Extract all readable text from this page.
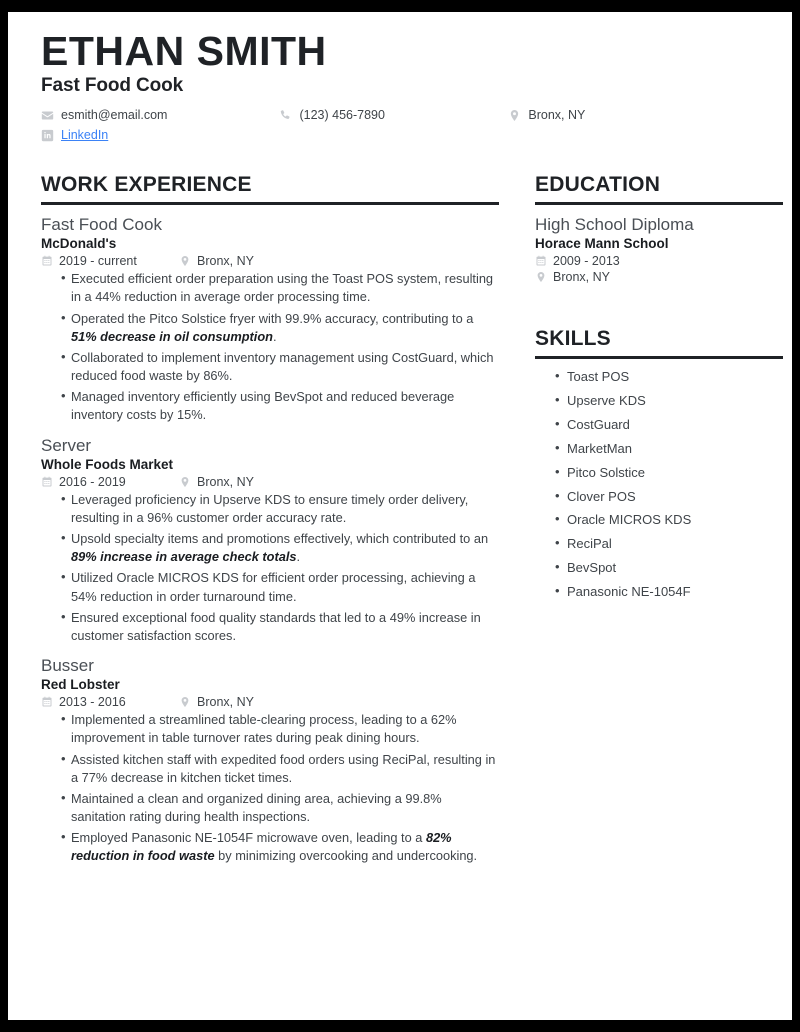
ETHAN SMITH
Fast Food Cook
esmith@email.com	(123) 456-7890	Bronx, NY
LinkedIn
WORK EXPERIENCE
Fast Food Cook
McDonald's
2019 - current	Bronx, NY
• Executed efficient order preparation using the Toast POS system, resulting in a 44% reduction in average order processing time.
• Operated the Pitco Solstice fryer with 99.9% accuracy, contributing to a 51% decrease in oil consumption.
• Collaborated to implement inventory management using CostGuard, which reduced food waste by 86%.
• Managed inventory efficiently using BevSpot and reduced beverage inventory costs by 15%.
Server
Whole Foods Market
2016 - 2019	Bronx, NY
• Leveraged proficiency in Upserve KDS to ensure timely order delivery, resulting in a 96% customer order accuracy rate.
• Upsold specialty items and promotions effectively, which contributed to an 89% increase in average check totals.
• Utilized Oracle MICROS KDS for efficient order processing, achieving a 54% reduction in order turnaround time.
• Ensured exceptional food quality standards that led to a 49% increase in customer satisfaction scores.
Busser
Red Lobster
2013 - 2016	Bronx, NY
• Implemented a streamlined table-clearing process, leading to a 62% improvement in table turnover rates during peak dining hours.
• Assisted kitchen staff with expedited food orders using ReciPal, resulting in a 77% decrease in kitchen ticket times.
• Maintained a clean and organized dining area, achieving a 99.8% sanitation rating during health inspections.
• Employed Panasonic NE-1054F microwave oven, leading to a 82% reduction in food waste by minimizing overcooking and undercooking.
EDUCATION
High School Diploma
Horace Mann School
2009 - 2013
Bronx, NY
SKILLS
• Toast POS
• Upserve KDS
• CostGuard
• MarketMan
• Pitco Solstice
• Clover POS
• Oracle MICROS KDS
• ReciPal
• BevSpot
• Panasonic NE-1054F
